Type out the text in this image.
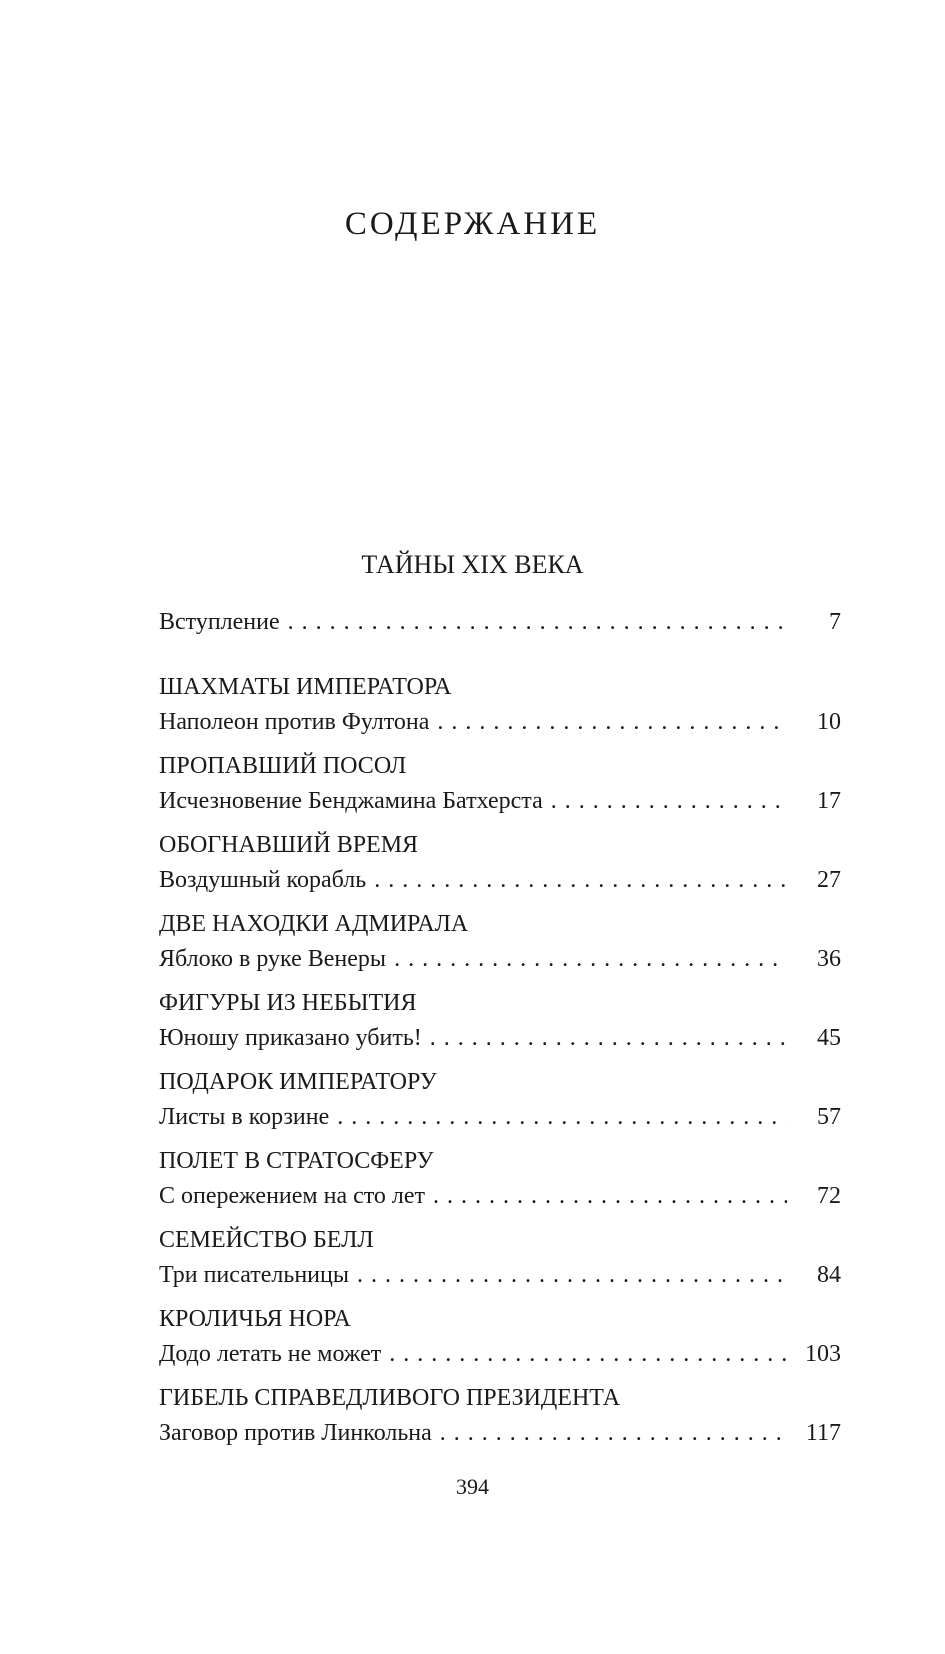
СОДЕРЖАНИЕ
ТАЙНЫ XIX ВЕКА
Вступление . . .	7
ШАХМАТЫ ИМПЕРАТОРА
Наполеон против Фултона . . .	10
ПРОПАВШИЙ ПОСОЛ
Исчезновение Бенджамина Батхерста . . .	17
ОБОГНАВШИЙ ВРЕМЯ
Воздушный корабль . . .	27
ДВЕ НАХОДКИ АДМИРАЛА
Яблоко в руке Венеры . . .	36
ФИГУРЫ ИЗ НЕБЫТИЯ
Юношу приказано убить! . . .	45
ПОДАРОК ИМПЕРАТОРУ
Листы в корзине . . .	57
ПОЛЕТ В СТРАТОСФЕРУ
С опережением на сто лет . . .	72
СЕМЕЙСТВО БЕЛЛ
Три писательницы . . .	84
КРОЛИЧЬЯ НОРА
Додо летать не может . . .	103
ГИБЕЛЬ СПРАВЕДЛИВОГО ПРЕЗИДЕНТА
Заговор против Линкольна . . .	117
394
